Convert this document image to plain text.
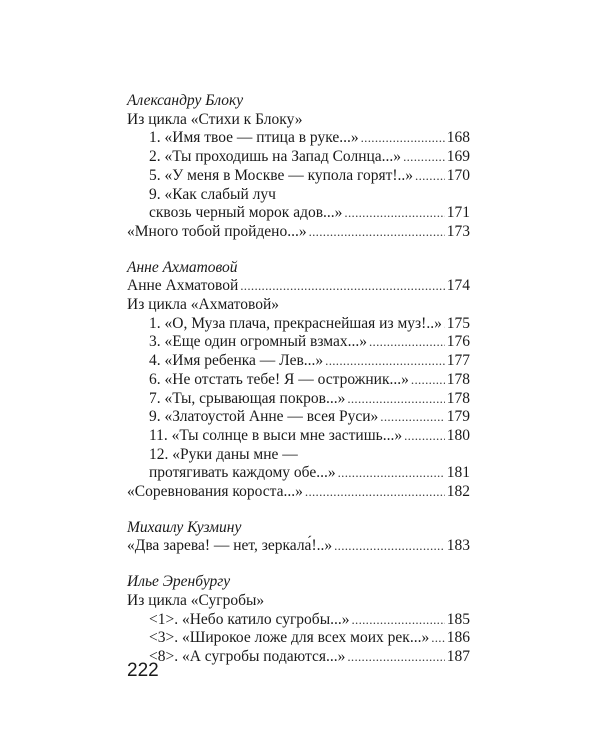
Александру Блоку
Из цикла «Стихи к Блоку»
1. «Имя твое — птица в руке...» .....	168
2. «Ты проходишь на Запад Солнца...» .....	169
5. «У меня в Москве — купола горят!..» ..... 170
9. «Как слабый луч
сквозь черный морок адов...» .....	171
«Много тобой пройдено...» .....	173
Анне Ахматовой
Анне Ахматовой .....	174
Из цикла «Ахматовой»
1. «О, Муза плача, прекраснейшая из муз!..» ..... 175
3. «Еще один огромный взмах...» .....	176
4. «Имя ребенка — Лев...» .....	177
6. «Не отстать тебе! Я — острожник...» ..... 178
7. «Ты, срывающая покров...» .....	178
9. «Златоустой Анне — всея Руси» .....	179
11. «Ты солнце в выси мне застишь...» .....	180
12. «Руки даны мне —
протягивать каждому обе...» .....	181
«Соревнования короста...» .....	182
Михаилу Кузмину
«Два зарева! — нет, зеркала́!..» .....	183
Илье Эренбургу
Из цикла «Сугробы»
<1>. «Небо катило сугробы...» .....	185
<3>. «Широкое ложе для всех моих рек...» ..... 186
<8>. «А сугробы подаются...» .....	187
222
